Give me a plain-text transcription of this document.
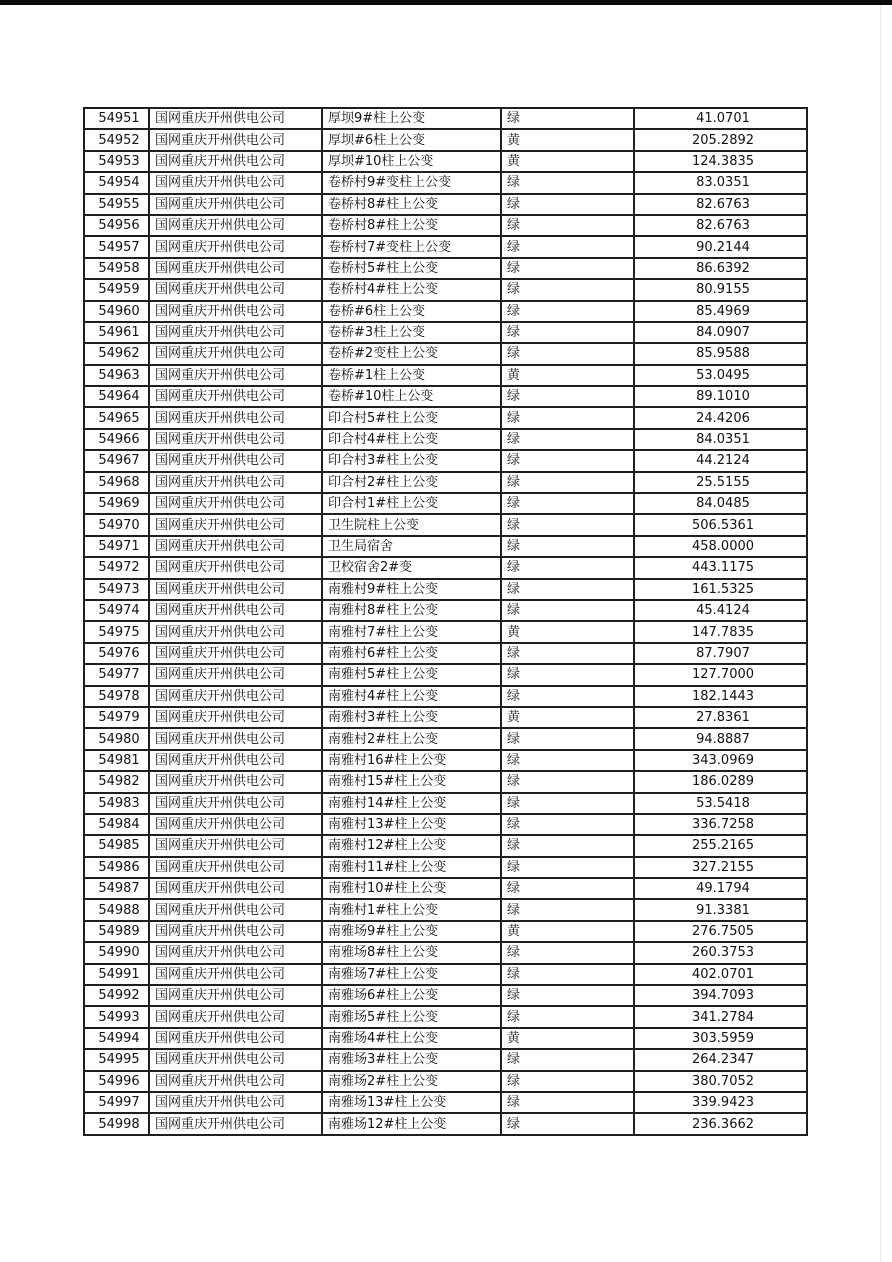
54951	国网重庆开州供电公司	厚坝9#柱上公变	绿	41.0701
54952	国网重庆开州供电公司	厚坝#6柱上公变	黄	205.2892
54953	国网重庆开州供电公司	厚坝#10柱上公变	黄	124.3835
54954	国网重庆开州供电公司	卷桥村9#变柱上公变	绿	83.0351
54955	国网重庆开州供电公司	卷桥村8#柱上公变	绿	82.6763
54956	国网重庆开州供电公司	卷桥村8#柱上公变	绿	82.6763
54957	国网重庆开州供电公司	卷桥村7#变柱上公变	绿	90.2144
54958	国网重庆开州供电公司	卷桥村5#柱上公变	绿	86.6392
54959	国网重庆开州供电公司	卷桥村4#柱上公变	绿	80.9155
54960	国网重庆开州供电公司	卷桥#6柱上公变	绿	85.4969
54961	国网重庆开州供电公司	卷桥#3柱上公变	绿	84.0907
54962	国网重庆开州供电公司	卷桥#2变柱上公变	绿	85.9588
54963	国网重庆开州供电公司	卷桥#1柱上公变	黄	53.0495
54964	国网重庆开州供电公司	卷桥#10柱上公变	绿	89.1010
54965	国网重庆开州供电公司	印合村5#柱上公变	绿	24.4206
54966	国网重庆开州供电公司	印合村4#柱上公变	绿	84.0351
54967	国网重庆开州供电公司	印合村3#柱上公变	绿	44.2124
54968	国网重庆开州供电公司	印合村2#柱上公变	绿	25.5155
54969	国网重庆开州供电公司	印合村1#柱上公变	绿	84.0485
54970	国网重庆开州供电公司	卫生院柱上公变	绿	506.5361
54971	国网重庆开州供电公司	卫生局宿舍	绿	458.0000
54972	国网重庆开州供电公司	卫校宿舍2#变	绿	443.1175
54973	国网重庆开州供电公司	南雅村9#柱上公变	绿	161.5325
54974	国网重庆开州供电公司	南雅村8#柱上公变	绿	45.4124
54975	国网重庆开州供电公司	南雅村7#柱上公变	黄	147.7835
54976	国网重庆开州供电公司	南雅村6#柱上公变	绿	87.7907
54977	国网重庆开州供电公司	南雅村5#柱上公变	绿	127.7000
54978	国网重庆开州供电公司	南雅村4#柱上公变	绿	182.1443
54979	国网重庆开州供电公司	南雅村3#柱上公变	黄	27.8361
54980	国网重庆开州供电公司	南雅村2#柱上公变	绿	94.8887
54981	国网重庆开州供电公司	南雅村16#柱上公变	绿	343.0969
54982	国网重庆开州供电公司	南雅村15#柱上公变	绿	186.0289
54983	国网重庆开州供电公司	南雅村14#柱上公变	绿	53.5418
54984	国网重庆开州供电公司	南雅村13#柱上公变	绿	336.7258
54985	国网重庆开州供电公司	南雅村12#柱上公变	绿	255.2165
54986	国网重庆开州供电公司	南雅村11#柱上公变	绿	327.2155
54987	国网重庆开州供电公司	南雅村10#柱上公变	绿	49.1794
54988	国网重庆开州供电公司	南雅村1#柱上公变	绿	91.3381
54989	国网重庆开州供电公司	南雅场9#柱上公变	黄	276.7505
54990	国网重庆开州供电公司	南雅场8#柱上公变	绿	260.3753
54991	国网重庆开州供电公司	南雅场7#柱上公变	绿	402.0701
54992	国网重庆开州供电公司	南雅场6#柱上公变	绿	394.7093
54993	国网重庆开州供电公司	南雅场5#柱上公变	绿	341.2784
54994	国网重庆开州供电公司	南雅场4#柱上公变	黄	303.5959
54995	国网重庆开州供电公司	南雅场3#柱上公变	绿	264.2347
54996	国网重庆开州供电公司	南雅场2#柱上公变	绿	380.7052
54997	国网重庆开州供电公司	南雅场13#柱上公变	绿	339.9423
54998	国网重庆开州供电公司	南雅场12#柱上公变	绿	236.3662
